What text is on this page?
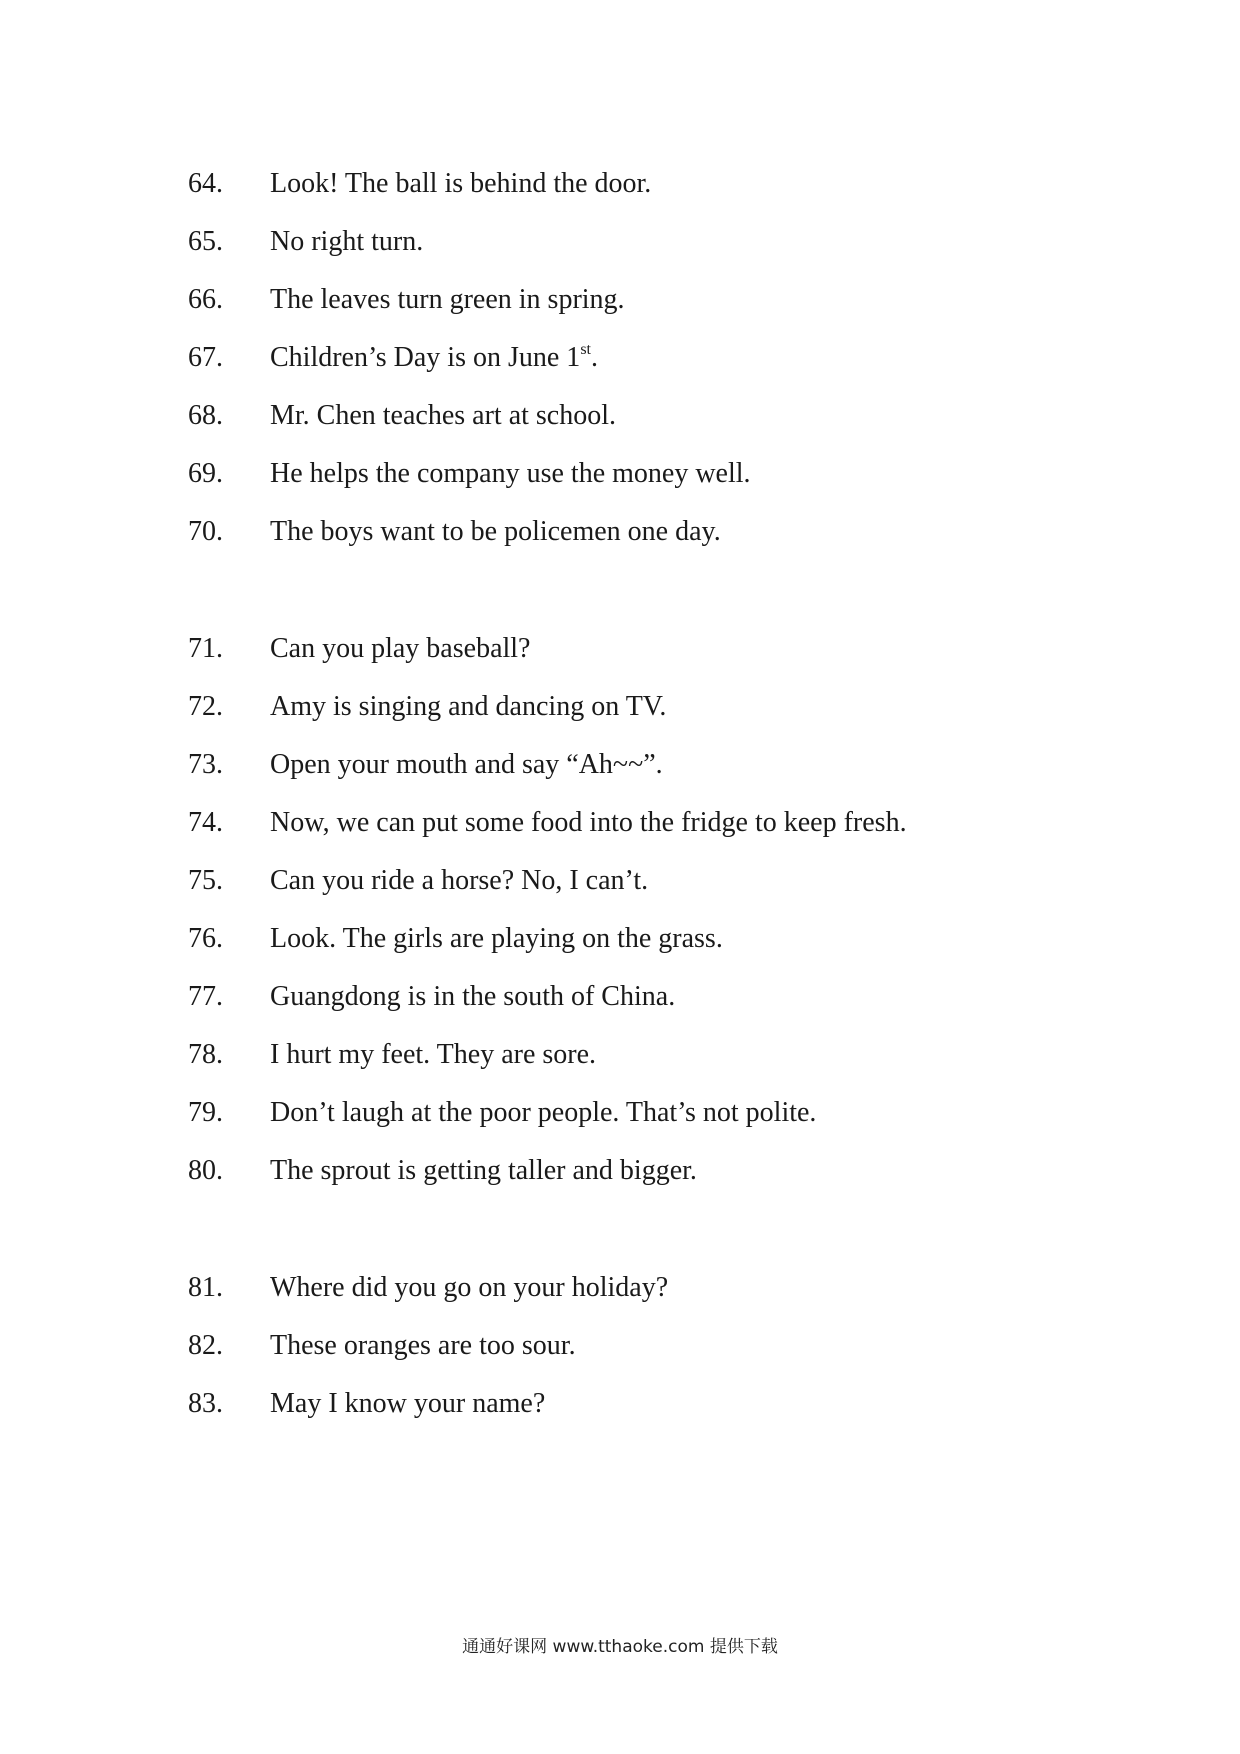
64. Look! The ball is behind the door.
65. No right turn.
66. The leaves turn green in spring.
67. Children’s Day is on June 1st.
68. Mr. Chen teaches art at school.
69. He helps the company use the money well.
70. The boys want to be policemen one day.
71. Can you play baseball?
72. Amy is singing and dancing on TV.
73. Open your mouth and say “Ah~~”.
74. Now, we can put some food into the fridge to keep fresh.
75. Can you ride a horse? No, I can’t.
76. Look. The girls are playing on the grass.
77. Guangdong is in the south of China.
78. I hurt my feet. They are sore.
79. Don’t laugh at the poor people. That’s not polite.
80. The sprout is getting taller and bigger.
81. Where did you go on your holiday?
82. These oranges are too sour.
83. May I know your name?
通通好课网 www.tthaoke.com 提供下载
